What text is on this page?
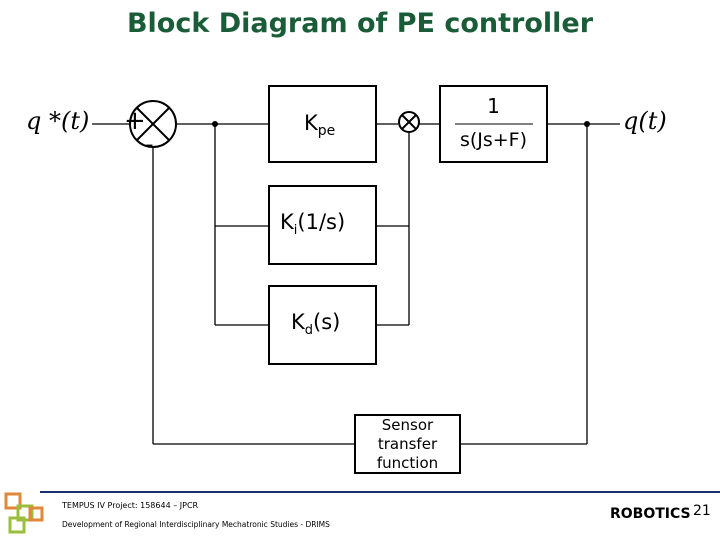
Block Diagram of PE controller
q *(t)	q(t)
+
-
$K_{pe}$
$K_i(1/s)$
$K_d(s)$
1
s(Js+F)
Sensor
transfer
function
TEMPUS IV Project: 158644 – JPCR
Development of Regional Interdisciplinary Mechatronic Studies - DRIMS
ROBOTICS 21
